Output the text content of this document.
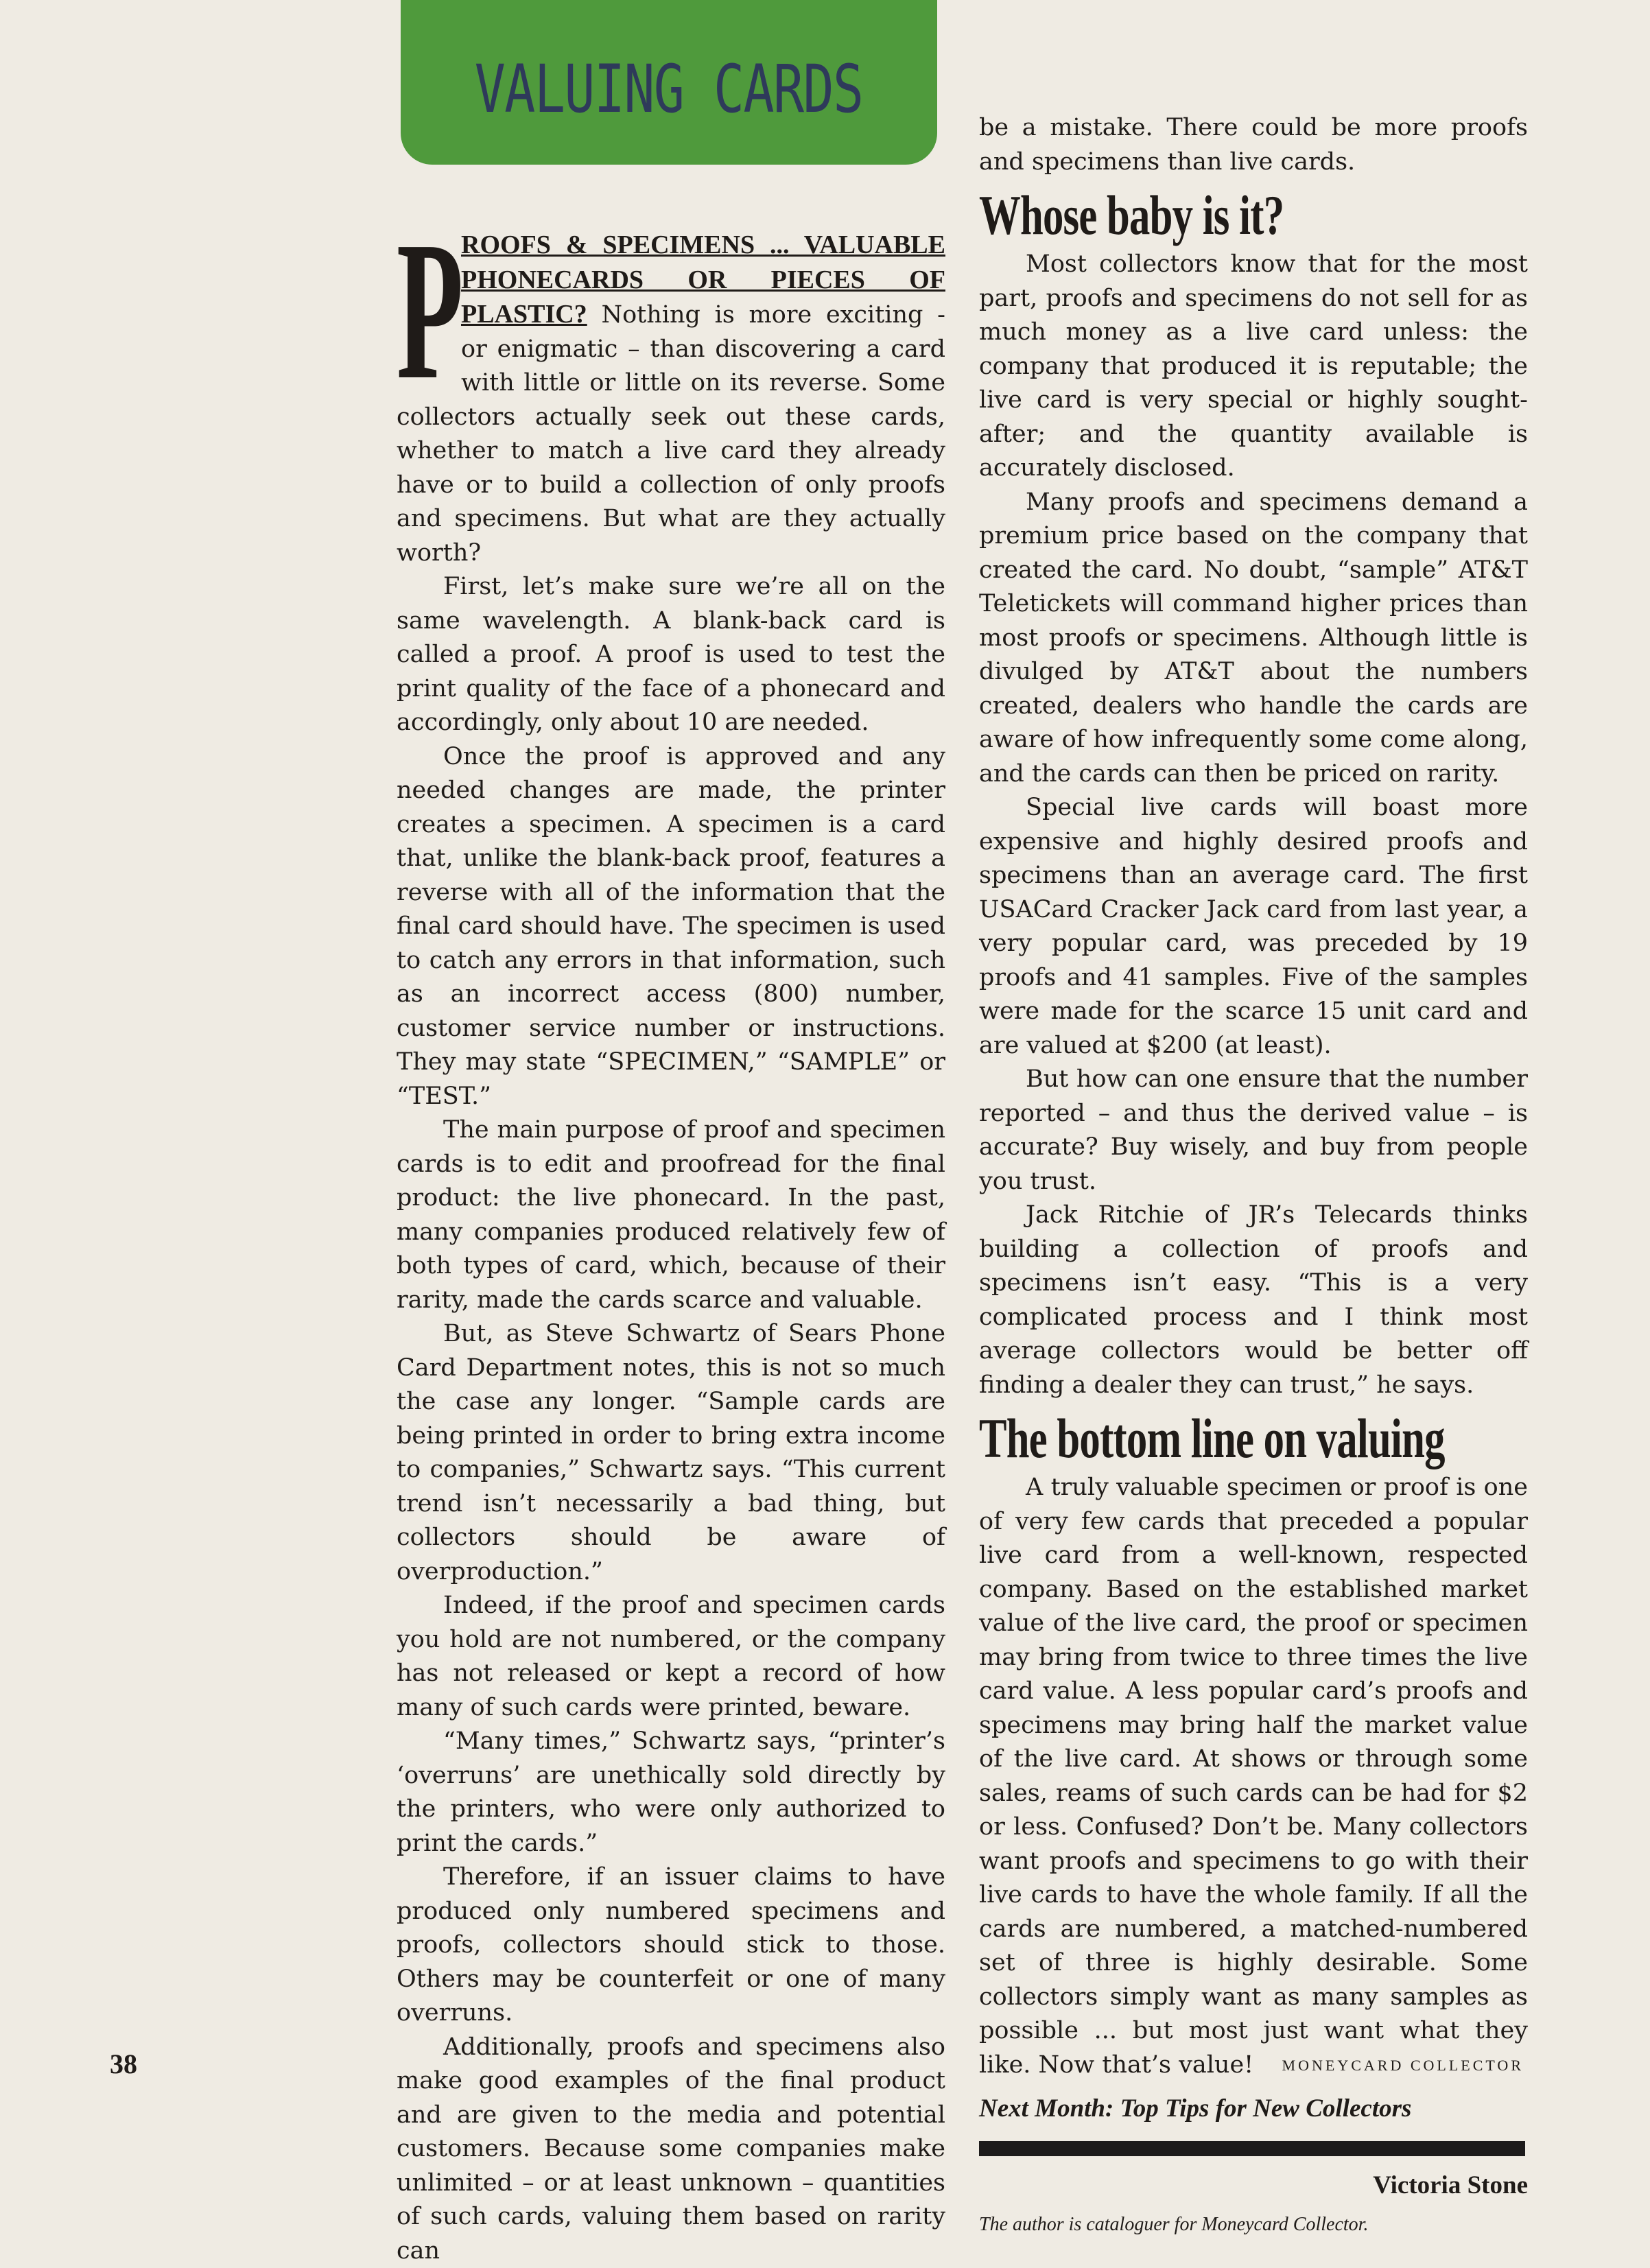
VALUING CARDS

P
ROOFS & SPECIMENS ... VALUABLE PHONECARDS OR PIECES OF PLASTIC? Nothing is more exciting - or enigmatic – than discovering a card with little or little on its reverse. Some collectors actually seek out these cards, whether to match a live card they already have or to build a collection of only proofs and specimens. But what are they actually worth?

First, let’s make sure we’re all on the same wavelength. A blank-back card is called a proof. A proof is used to test the print quality of the face of a phonecard and accordingly, only about 10 are needed.

Once the proof is approved and any needed changes are made, the printer creates a specimen. A specimen is a card that, unlike the blank-back proof, features a reverse with all of the information that the final card should have. The specimen is used to catch any errors in that information, such as an incorrect access (800) number, customer service number or instructions. They may state “SPECIMEN,” “SAMPLE” or “TEST.”

The main purpose of proof and specimen cards is to edit and proofread for the final product: the live phonecard. In the past, many companies produced relatively few of both types of card, which, because of their rarity, made the cards scarce and valuable.

But, as Steve Schwartz of Sears Phone Card Department notes, this is not so much the case any longer. “Sample cards are being printed in order to bring extra income to companies,” Schwartz says. “This current trend isn’t necessarily a bad thing, but collectors should be aware of overproduction.”

Indeed, if the proof and specimen cards you hold are not numbered, or the company has not released or kept a record of how many of such cards were printed, beware.

“Many times,” Schwartz says, “printer’s ‘overruns’ are unethically sold directly by the printers, who were only authorized to print the cards.”

Therefore, if an issuer claims to have produced only numbered specimens and proofs, collectors should stick to those. Others may be counterfeit or one of many overruns.

Additionally, proofs and specimens also make good examples of the final product and are given to the media and potential customers. Because some companies make unlimited – or at least unknown – quantities of such cards, valuing them based on rarity can

be a mistake. There could be more proofs and specimens than live cards.

Whose baby is it?

Most collectors know that for the most part, proofs and specimens do not sell for as much money as a live card unless: the company that produced it is reputable; the live card is very special or highly sought-after; and the quantity available is accurately disclosed.

Many proofs and specimens demand a premium price based on the company that created the card. No doubt, “sample” AT&T Teletickets will command higher prices than most proofs or specimens. Although little is divulged by AT&T about the numbers created, dealers who handle the cards are aware of how infrequently some come along, and the cards can then be priced on rarity.

Special live cards will boast more expensive and highly desired proofs and specimens than an average card. The first USACard Cracker Jack card from last year, a very popular card, was preceded by 19 proofs and 41 samples. Five of the samples were made for the scarce 15 unit card and are valued at $200 (at least).

But how can one ensure that the number reported – and thus the derived value – is accurate? Buy wisely, and buy from people you trust.

Jack Ritchie of JR’s Telecards thinks building a collection of proofs and specimens isn’t easy. “This is a very complicated process and I think most average collectors would be better off finding a dealer they can trust,” he says.

The bottom line on valuing

A truly valuable specimen or proof is one of very few cards that preceded a popular live card from a well-known, respected company. Based on the established market value of the live card, the proof or specimen may bring from twice to three times the live card value. A less popular card’s proofs and specimens may bring half the market value of the live card. At shows or through some sales, reams of such cards can be had for $2 or less. Confused? Don’t be. Many collectors want proofs and specimens to go with their live cards to have the whole family. If all the cards are numbered, a matched-numbered set of three is highly desirable. Some collectors simply want as many samples as possible ... but most just want what they like. Now that’s value!

Next Month: Top Tips for New Collectors
Victoria Stone
The author is cataloguer for Moneycard Collector.
38	MONEYCARD COLLECTOR
